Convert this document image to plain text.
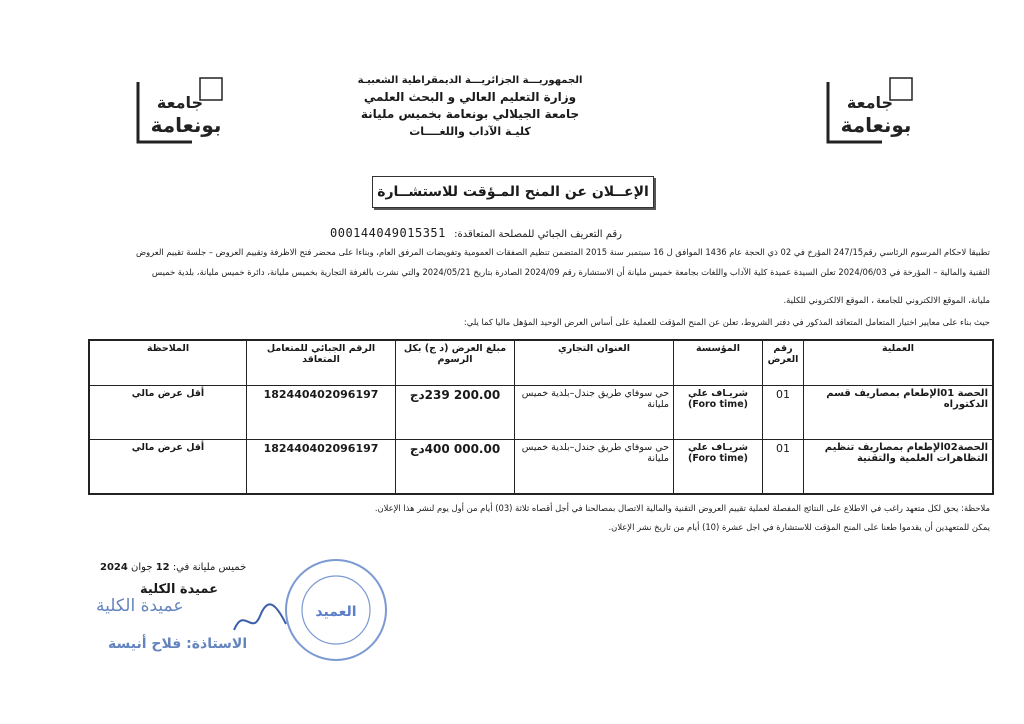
جامعة
بونعامة
جامعة
بونعامة
الجمهوريـــة الجزائريـــة الديمقراطية الشعبيـة
وزارة التعليم العالي و البحث العلمي
جامعة الجيلالي بونعامة بخميس مليانة
كليـة الآداب واللغــــات
الإعــلان عن المنح المـؤقت للاستشــارة
رقم التعريف الجبائي للمصلحة المتعاقدة:
000144049015351
تطبيقا لاحكام المرسوم الرئاسي رقم247/15 المؤرخ في 02 ذي الحجة عام 1436 الموافق ل 16 سبتمبر سنة 2015 المتضمن تنظيم الصفقات العمومية وتفويضات المرفق العام، وبناءا على محضر فتح الاظرفة وتقييم العروض – جلسة تقييم العروض
التقنية والمالية – المؤرخة في 2024/06/03 تعلن السيدة عميدة كلية الآداب واللغات بجامعة خميس مليانة أن الاستشارة رقم 2024/09 الصادرة بتاريخ 2024/05/21 والتي نشرت بالغرفة التجارية بخميس مليانة، دائرة خميس مليانة، بلدية خميس
مليانة، الموقع الالكتروني للجامعة ، الموقع الالكتروني للكلية.
حيث بناء على معايير اختيار المتعامل المتعاقد المذكور في دفتر الشروط، تعلن عن المنح المؤقت للعملية على أساس العرض الوحيد المؤهل ماليا كما يلي:
العملية	رقم العرض	المؤسسة	العنوان التجاري	مبلغ العرض (د ج) بكل الرسوم	الرقم الجبائي للمتعامل المتعاقد	الملاحظة
الحصة 01الإطعام بمصاريف قسم الدكتوراه	01	شريـاف علي (Foro time)	حي سوفاي طريق جندل–بلدية خميس مليانة	200.00 239دج	182440402096197	أقل عرض مالي
الحصة02الإطعام بمصاريف تنظيم التظاهرات العلمية والتقنية	01	شريـاف علي (Foro time)	حي سوفاي طريق جندل–بلدية خميس مليانة	000.00 400دج	182440402096197	أقل عرض مالي
ملاحظة: يحق لكل متعهد راغب في الاطلاع على النتائج المفصلة لعملية تقييم العروض التقنية والمالية الاتصال بمصالحنا في أجل أقصاه ثلاثة (03) أيام من أول يوم لنشر هذا الإعلان.
يمكن للمتعهدين أن يقدموا طعنا على المنح المؤقت للاستشارة في اجل عشرة (10) أيام من تاريخ نشر الإعلان.
خميس مليانة في: 12 جوان 2024
عميدة الكلية
عميدة الكلية
الاستاذة: فلاح أنيسة
العميد
